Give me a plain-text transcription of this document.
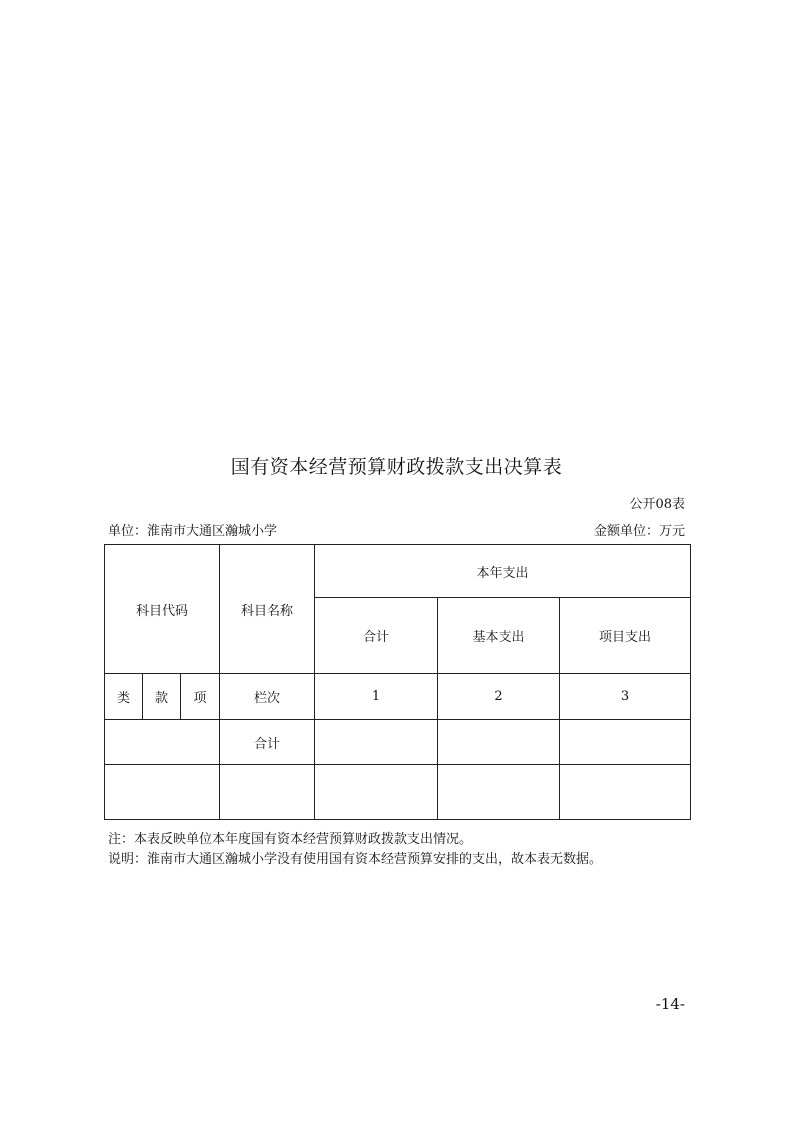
国有资本经营预算财政拨款支出决算表
公开08表
单位：淮南市大通区瀚城小学	金额单位：万元
科目代码			科目名称	本年支出		
				合计	基本支出	项目支出
类	款	项	栏次	1	2	3
			合计			

注：本表反映单位本年度国有资本经营预算财政拨款支出情况。
说明：淮南市大通区瀚城小学没有使用国有资本经营预算安排的支出，故本表无数据。
-14-
